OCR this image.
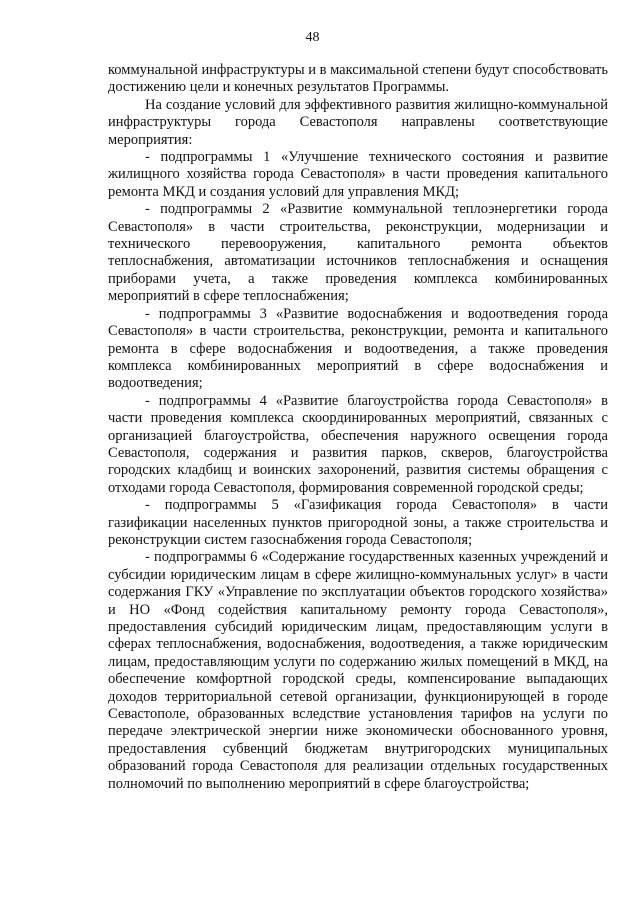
48

коммунальной инфраструктуры и в максимальной степени будут способствовать достижению цели и конечных результатов Программы.

На создание условий для эффективного развития жилищно-коммунальной инфраструктуры города Севастополя направлены соответствующие мероприятия:

- подпрограммы 1 «Улучшение технического состояния и развитие жилищного хозяйства города Севастополя» в части проведения капитального ремонта МКД и создания условий для управления МКД;

- подпрограммы 2 «Развитие коммунальной теплоэнергетики города Севастополя» в части строительства, реконструкции, модернизации и технического перевооружения, капитального ремонта объектов теплоснабжения, автоматизации источников теплоснабжения и оснащения приборами учета, а также проведения комплекса комбинированных мероприятий в сфере теплоснабжения;

- подпрограммы 3 «Развитие водоснабжения и водоотведения города Севастополя» в части строительства, реконструкции, ремонта и капитального ремонта в сфере водоснабжения и водоотведения, а также проведения комплекса комбинированных мероприятий в сфере водоснабжения и водоотведения;

- подпрограммы 4 «Развитие благоустройства города Севастополя» в части проведения комплекса скоординированных мероприятий, связанных с организацией благоустройства, обеспечения наружного освещения города Севастополя, содержания и развития парков, скверов, благоустройства городских кладбищ и воинских захоронений, развития системы обращения с отходами города Севастополя, формирования современной городской среды;

- подпрограммы 5 «Газификация города Севастополя» в части газификации населенных пунктов пригородной зоны, а также строительства и реконструкции систем газоснабжения города Севастополя;

- подпрограммы 6 «Содержание государственных казенных учреждений и субсидии юридическим лицам в сфере жилищно-коммунальных услуг» в части содержания ГКУ «Управление по эксплуатации объектов городского хозяйства» и НО «Фонд содействия капитальному ремонту города Севастополя», предоставления субсидий юридическим лицам, предоставляющим услуги в сферах теплоснабжения, водоснабжения, водоотведения, а также юридическим лицам, предоставляющим услуги по содержанию жилых помещений в МКД, на обеспечение комфортной городской среды, компенсирование выпадающих доходов территориальной сетевой организации, функционирующей в городе Севастополе, образованных вследствие установления тарифов на услуги по передаче электрической энергии ниже экономически обоснованного уровня, предоставления субвенций бюджетам внутригородских муниципальных образований города Севастополя для реализации отдельных государственных полномочий по выполнению мероприятий в сфере благоустройства;
